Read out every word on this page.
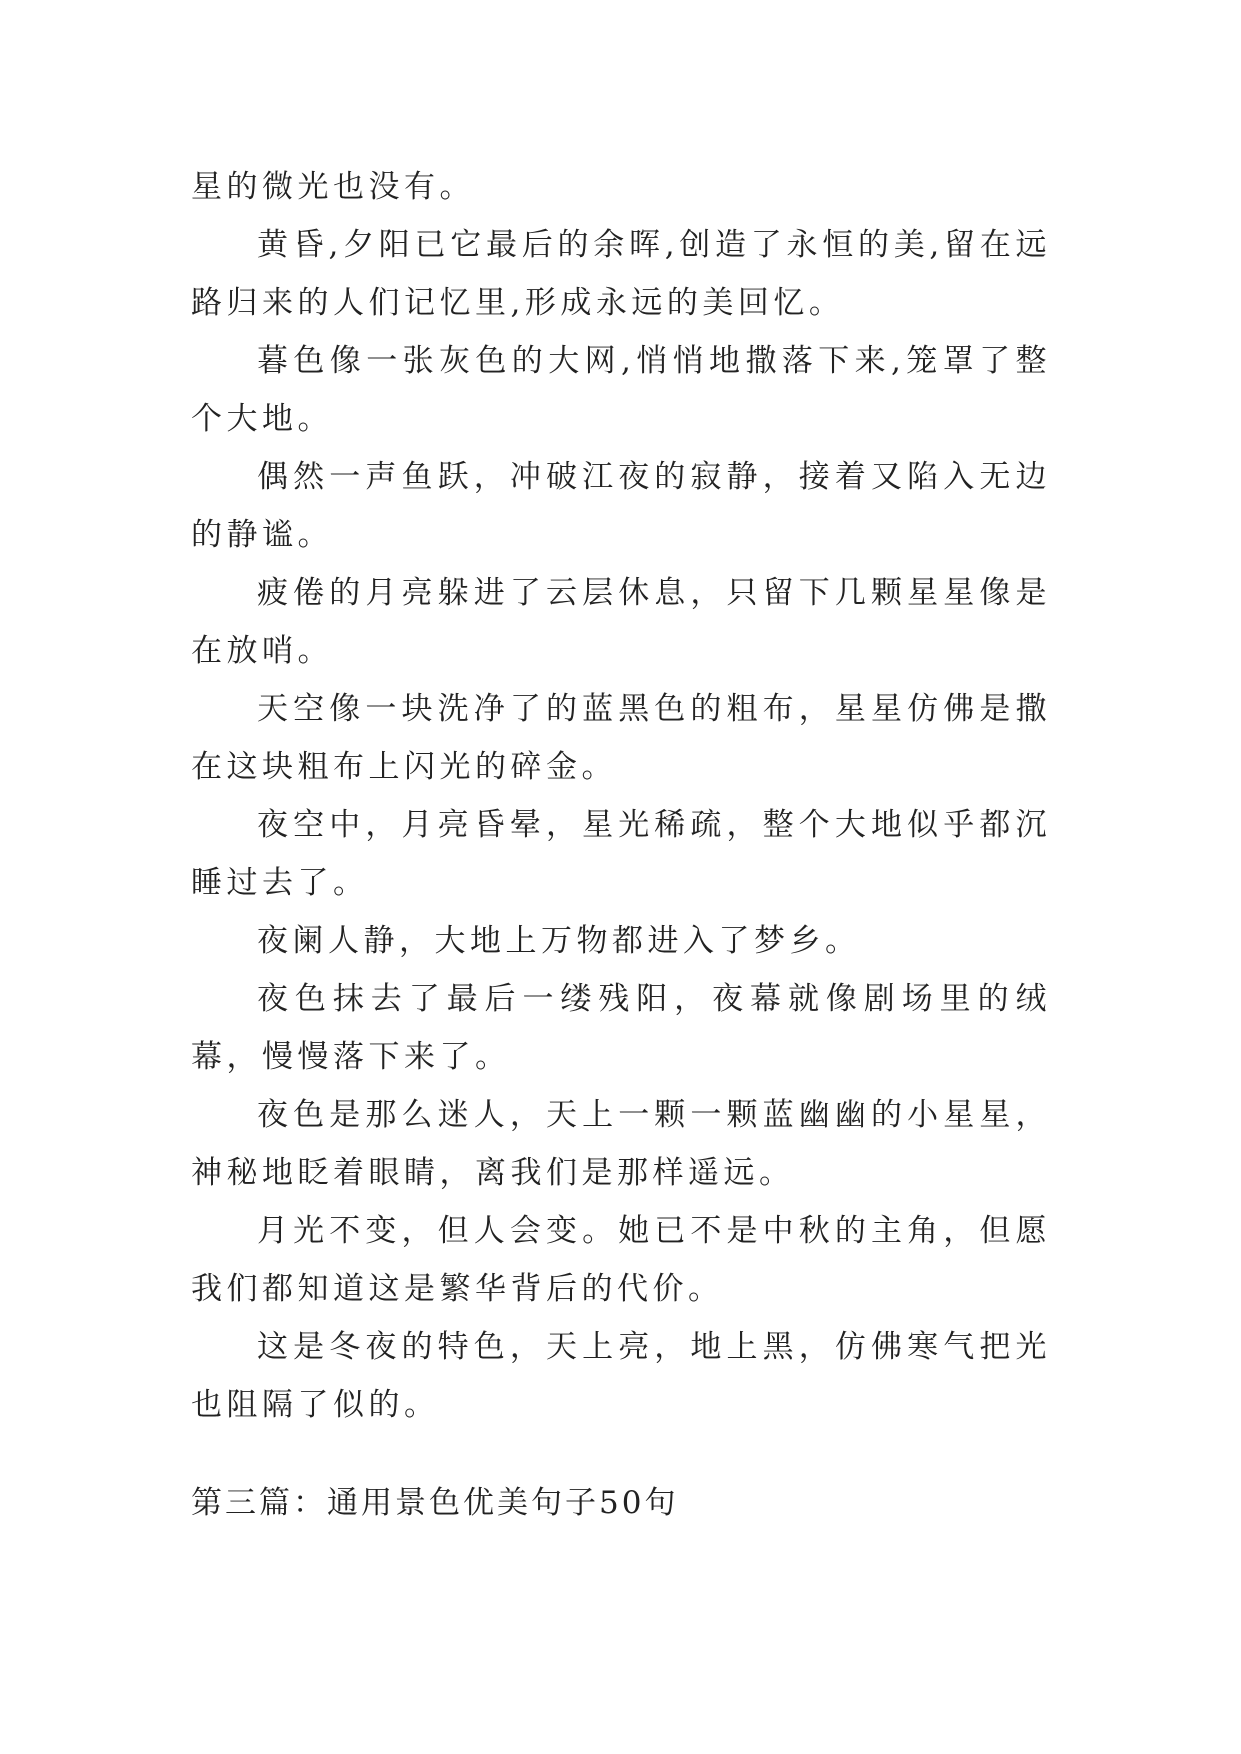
星的微光也没有。

黄昏,夕阳已它最后的余晖,创造了永恒的美,留在远路归来的人们记忆里,形成永远的美回忆。

暮色像一张灰色的大网,悄悄地撒落下来,笼罩了整个大地。

偶然一声鱼跃，冲破江夜的寂静，接着又陷入无边的静谧。

疲倦的月亮躲进了云层休息，只留下几颗星星像是在放哨。

天空像一块洗净了的蓝黑色的粗布，星星仿佛是撒在这块粗布上闪光的碎金。

夜空中，月亮昏晕，星光稀疏，整个大地似乎都沉睡过去了。

夜阑人静，大地上万物都进入了梦乡。

夜色抹去了最后一缕残阳，夜幕就像剧场里的绒幕，慢慢落下来了。

夜色是那么迷人，天上一颗一颗蓝幽幽的小星星，神秘地眨着眼睛，离我们是那样遥远。

月光不变，但人会变。她已不是中秋的主角，但愿我们都知道这是繁华背后的代价。

这是冬夜的特色，天上亮，地上黑，仿佛寒气把光也阻隔了似的。

第三篇：通用景色优美句子50句
